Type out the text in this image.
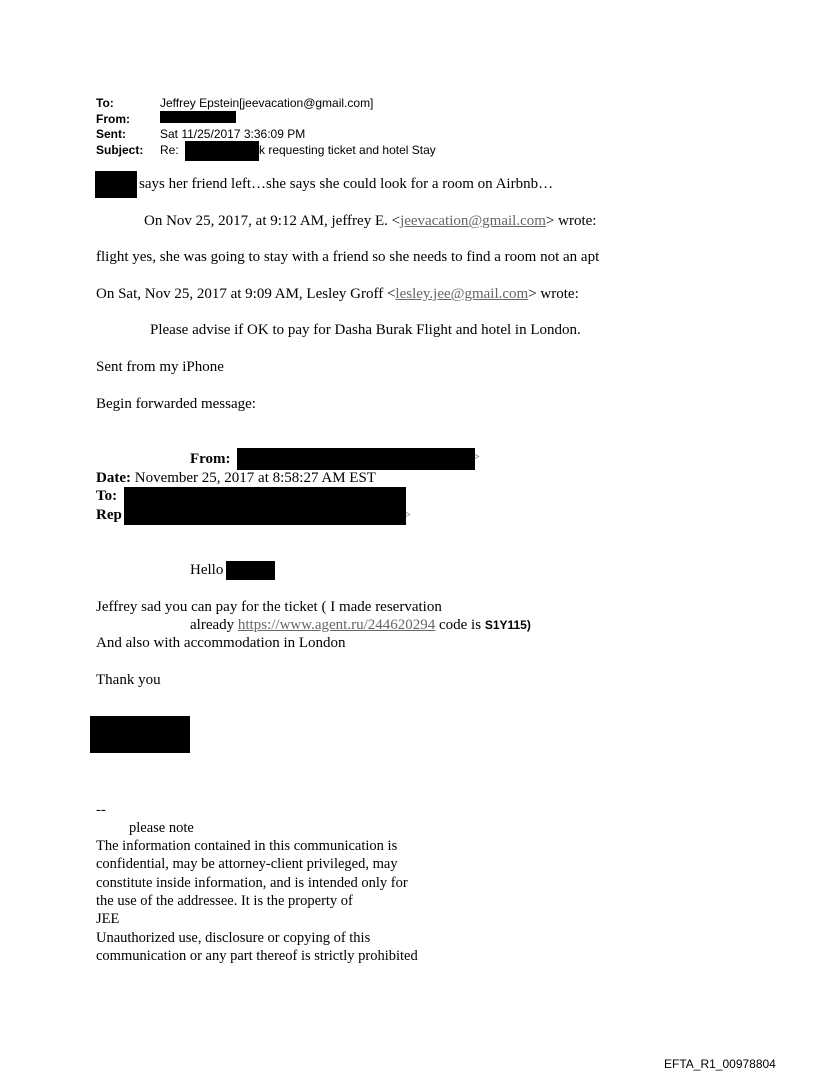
To:	Jeffrey Epstein[jeevacation@gmail.com]
From:
Sent:	Sat 11/25/2017 3:36:09 PM
Subject: Re:	k requesting ticket and hotel Stay
says her friend left…she says she could look for a room on Airbnb…
On Nov 25, 2017, at 9:12 AM, jeffrey E. <jeevacation@gmail.com> wrote:
flight yes, she was going to stay with a friend so she needs to find a room not an apt
On Sat, Nov 25, 2017 at 9:09 AM, Lesley Groff <lesley.jee@gmail.com> wrote:
Please advise if OK to pay for Dasha Burak Flight and hotel in London.
Sent from my iPhone
Begin forwarded message:
From:	>
Date: November 25, 2017 at 8:58:27 AM EST
To:
Rep	>
Hello
Jeffrey sad you can pay for the ticket ( I made reservation
already https://www.agent.ru/244620294 code is S1Y115)
And also with accommodation in London
Thank you
--
please note
The information contained in this communication is
confidential, may be attorney-client privileged, may
constitute inside information, and is intended only for
the use of the addressee. It is the property of
JEE
Unauthorized use, disclosure or copying of this
communication or any part thereof is strictly prohibited
EFTA_R1_00978804
